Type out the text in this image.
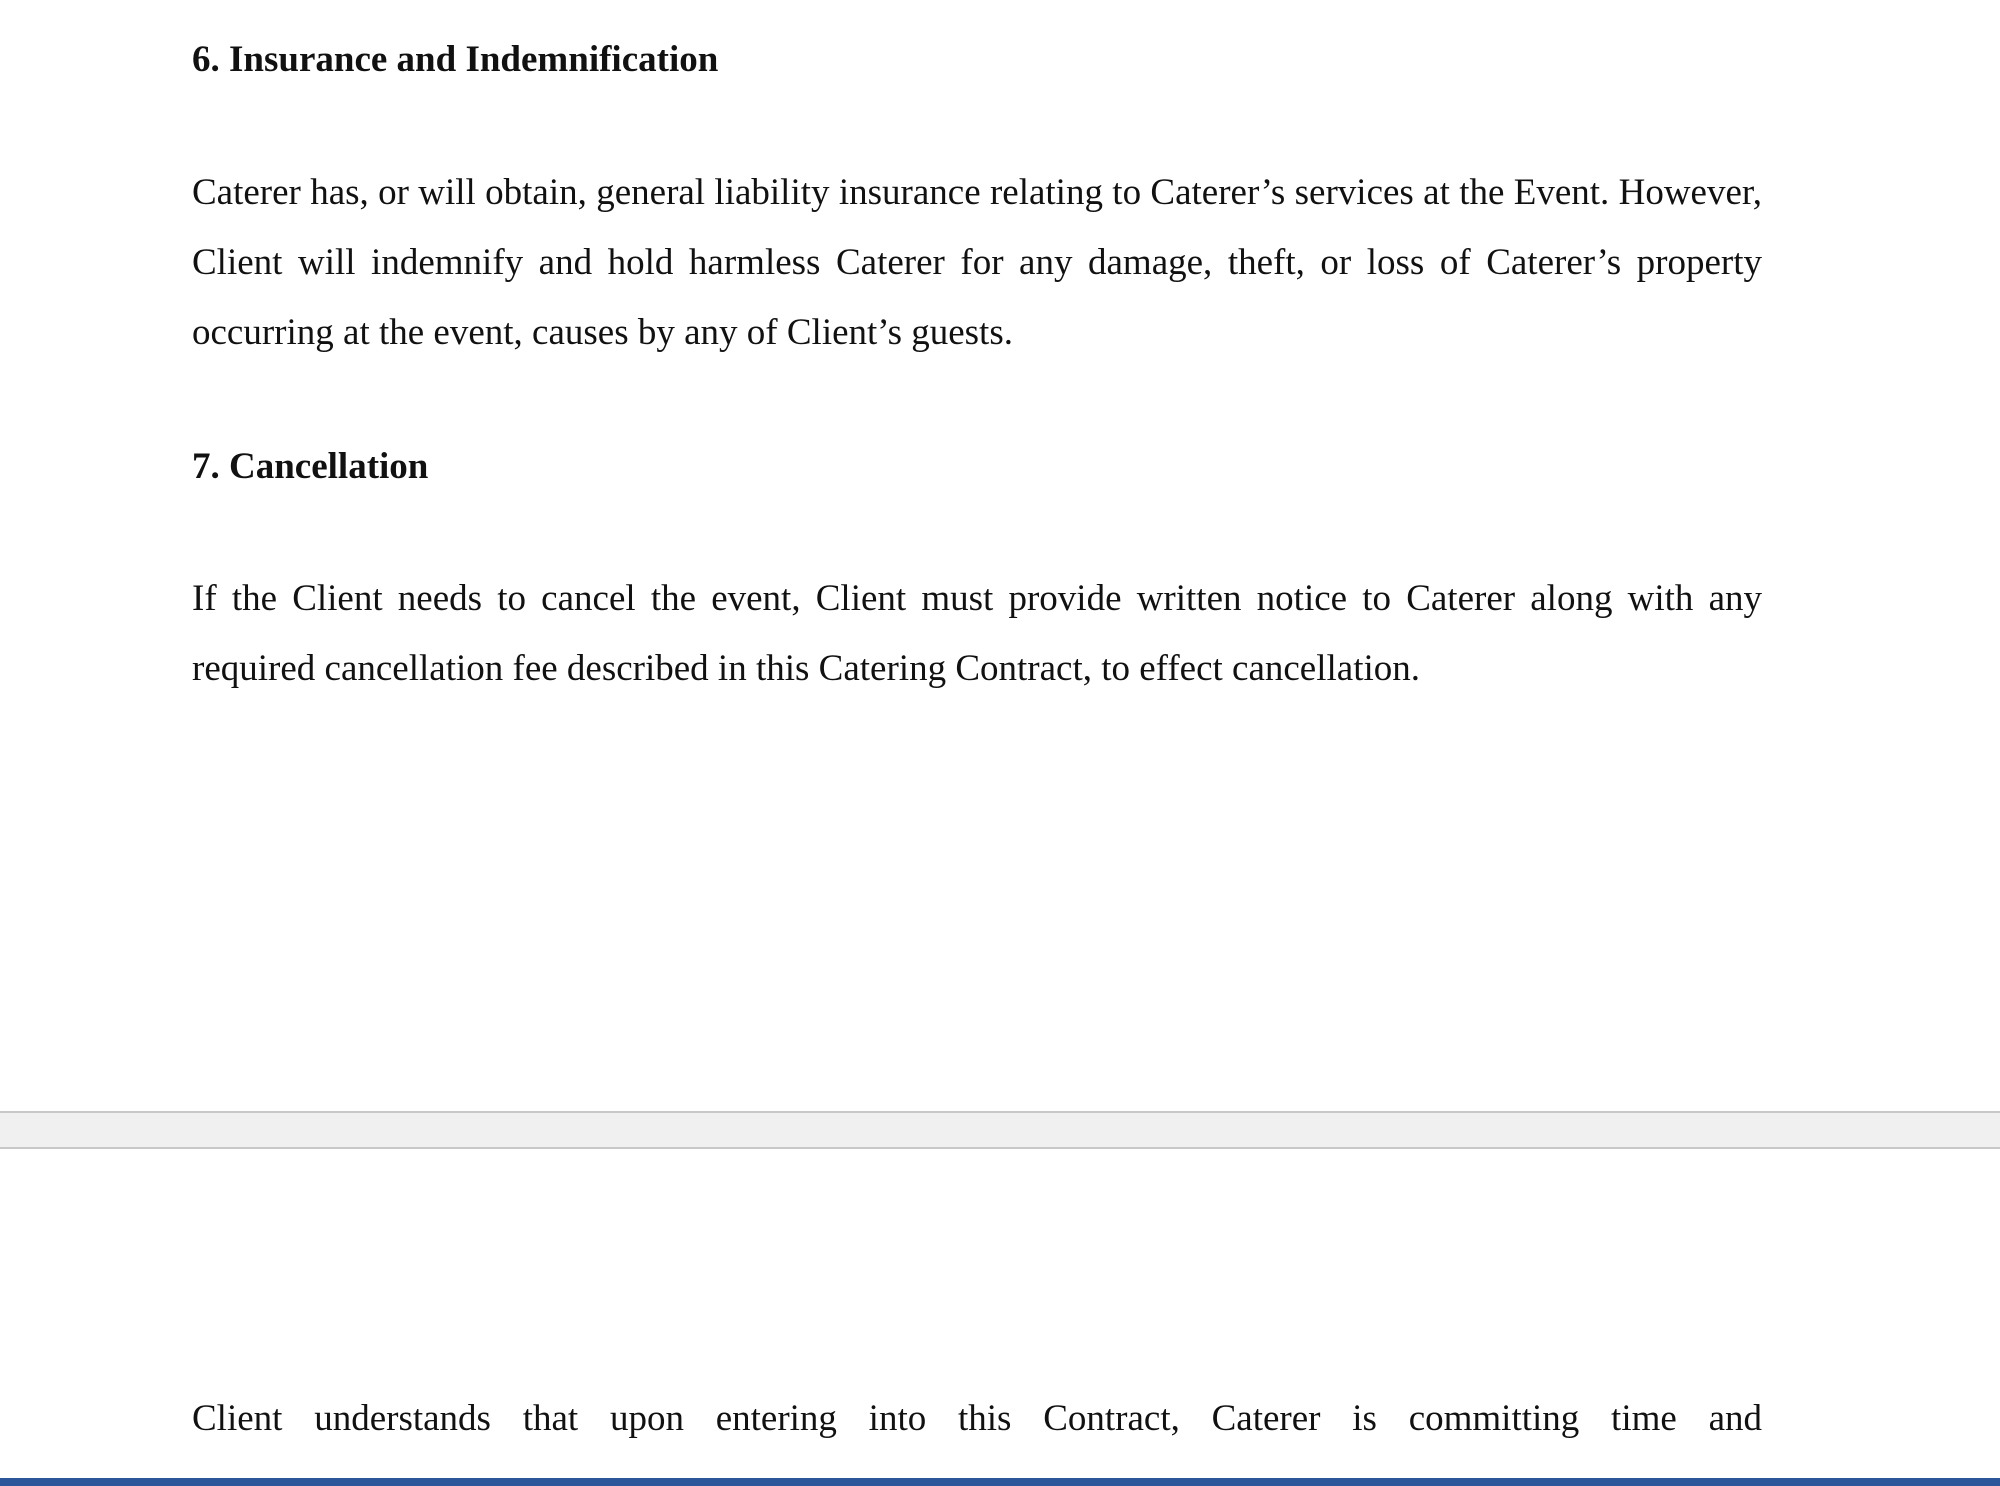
6. Insurance and Indemnification

Caterer has, or will obtain, general liability insurance relating to Caterer’s services at the Event. However, Client will indemnify and hold harmless Caterer for any damage, theft, or loss of Caterer’s property occurring at the event, causes by any of Client’s guests.

7. Cancellation

If the Client needs to cancel the event, Client must provide written notice to Caterer along with any required cancellation fee described in this Catering Contract, to effect cancellation.

Client understands that upon entering into this Contract, Caterer is committing time and
